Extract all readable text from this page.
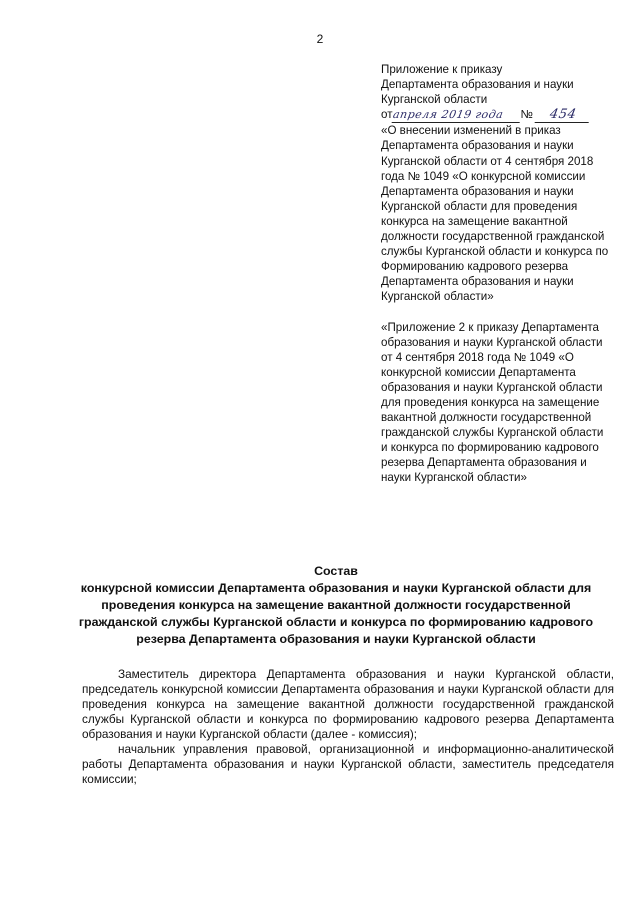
2

Приложение к приказу

Департамента образования и науки

Курганской области

отапреля 2019 года № 454

«О внесении изменений в приказ Департамента образования и науки Курганской области от 4 сентября 2018 года № 1049 «О конкурсной комиссии Департамента образования и науки Курганской области для проведения конкурса на замещение вакантной должности государственной гражданской службы Курганской области и конкурса по Формированию кадрового резерва Департамента образования и науки Курганской области»

«Приложение 2 к приказу Департамента образования и науки Курганской области от 4 сентября 2018 года № 1049 «О конкурсной комиссии Департамента образования и науки Курганской области для проведения конкурса на замещение вакантной должности государственной гражданской службы Курганской области и конкурса по формированию кадрового резерва Департамента образования и науки Курганской области»

Состав

конкурсной комиссии Департамента образования и науки Курганской области для проведения конкурса на замещение вакантной должности государственной гражданской службы Курганской области и конкурса по формированию кадрового резерва Департамента образования и науки Курганской области

Заместитель директора Департамента образования и науки Курганской области, председатель конкурсной комиссии Департамента образования и науки Курганской области для проведения конкурса на замещение вакантной должности государственной гражданской службы Курганской области и конкурса по формированию кадрового резерва Департамента образования и науки Курганской области (далее - комиссия);

начальник управления правовой, организационной и информационно-аналитической работы Департамента образования и науки Курганской области, заместитель председателя комиссии;
